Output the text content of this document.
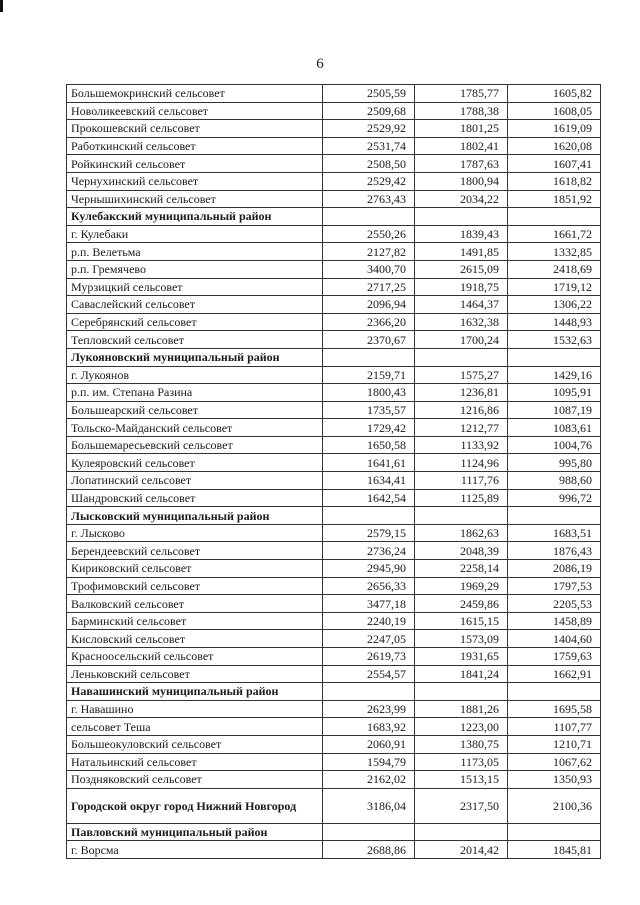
6
Большемокринский сельсовет	2505,59	1785,77	1605,82
Новоликеевский сельсовет	2509,68	1788,38	1608,05
Прокошевский сельсовет	2529,92	1801,25	1619,09
Работкинский сельсовет	2531,74	1802,41	1620,08
Ройкинский сельсовет	2508,50	1787,63	1607,41
Чернухинский сельсовет	2529,42	1800,94	1618,82
Чернышихинский сельсовет	2763,43	2034,22	1851,92
Кулебакский муниципальный район			
г. Кулебаки	2550,26	1839,43	1661,72
р.п. Велетьма	2127,82	1491,85	1332,85
р.п. Гремячево	3400,70	2615,09	2418,69
Мурзицкий сельсовет	2717,25	1918,75	1719,12
Саваслейский сельсовет	2096,94	1464,37	1306,22
Серебрянский сельсовет	2366,20	1632,38	1448,93
Тепловский сельсовет	2370,67	1700,24	1532,63
Лукояновский муниципальный район			
г. Лукоянов	2159,71	1575,27	1429,16
р.п. им. Степана Разина	1800,43	1236,81	1095,91
Большеарский сельсовет	1735,57	1216,86	1087,19
Тольско-Майданский сельсовет	1729,42	1212,77	1083,61
Большемаресьевский сельсовет	1650,58	1133,92	1004,76
Кулеяровский сельсовет	1641,61	1124,96	995,80
Лопатинский сельсовет	1634,41	1117,76	988,60
Шандровский сельсовет	1642,54	1125,89	996,72
Лысковский муниципальный район			
г. Лысково	2579,15	1862,63	1683,51
Берендеевский сельсовет	2736,24	2048,39	1876,43
Кириковский сельсовет	2945,90	2258,14	2086,19
Трофимовский сельсовет	2656,33	1969,29	1797,53
Валковский сельсовет	3477,18	2459,86	2205,53
Барминский сельсовет	2240,19	1615,15	1458,89
Кисловский сельсовет	2247,05	1573,09	1404,60
Красноосельский сельсовет	2619,73	1931,65	1759,63
Леньковский сельсовет	2554,57	1841,24	1662,91
Навашинский муниципальный район			
г. Навашино	2623,99	1881,26	1695,58
сельсовет Теша	1683,92	1223,00	1107,77
Большеокуловский сельсовет	2060,91	1380,75	1210,71
Натальинский сельсовет	1594,79	1173,05	1067,62
Поздняковский сельсовет	2162,02	1513,15	1350,93
Городской округ город Нижний Новгород	3186,04	2317,50	2100,36
Павловский муниципальный район			
г. Ворсма	2688,86	2014,42	1845,81
